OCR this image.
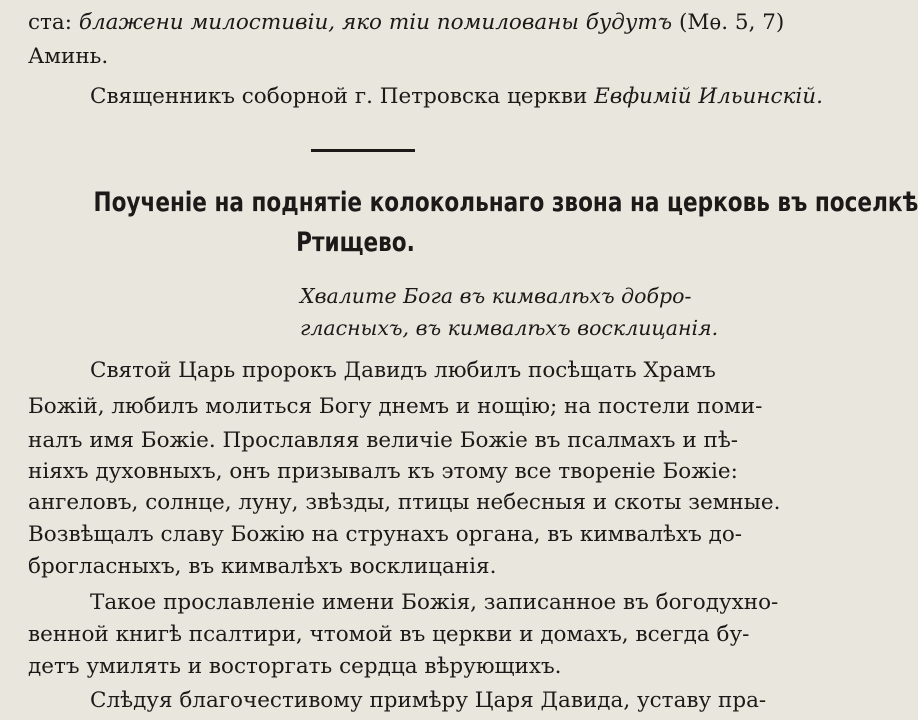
ста: блажени милостивіи, яко тіи помилованы будутъ (Мѳ. 5, 7)
Аминь.
Священникъ соборной г. Петровска церкви Евфимій Ильинскій.
Поученіе на поднятіе колокольнаго звона на церковь въ поселкѣ
Ртищево.
Хвалите Бога въ кимвалѣхъ добро-
гласныхъ, въ кимвалѣхъ восклицанія.
Святой Царь пророкъ Давидъ любилъ посѣщать Храмъ
Божій, любилъ молиться Богу днемъ и нощію; на постели поми-
налъ имя Божіе. Прославляя величіе Божіе въ псалмахъ и пѣ-
ніяхъ духовныхъ, онъ призывалъ къ этому все твореніе Божіе:
ангеловъ, солнце, луну, звѣзды, птицы небесныя и скоты земные.
Возвѣщалъ славу Божію на струнахъ органа, въ кимвалѣхъ до-
брогласныхъ, въ кимвалѣхъ восклицанія.
Такое прославленіе имени Божія, записанное въ богодухно-
венной книгѣ псалтири, чтомой въ церкви и домахъ, всегда бу-
детъ умилять и восторгать сердца вѣрующихъ.
Слѣдуя благочестивому примѣру Царя Давида, уставу пра-
